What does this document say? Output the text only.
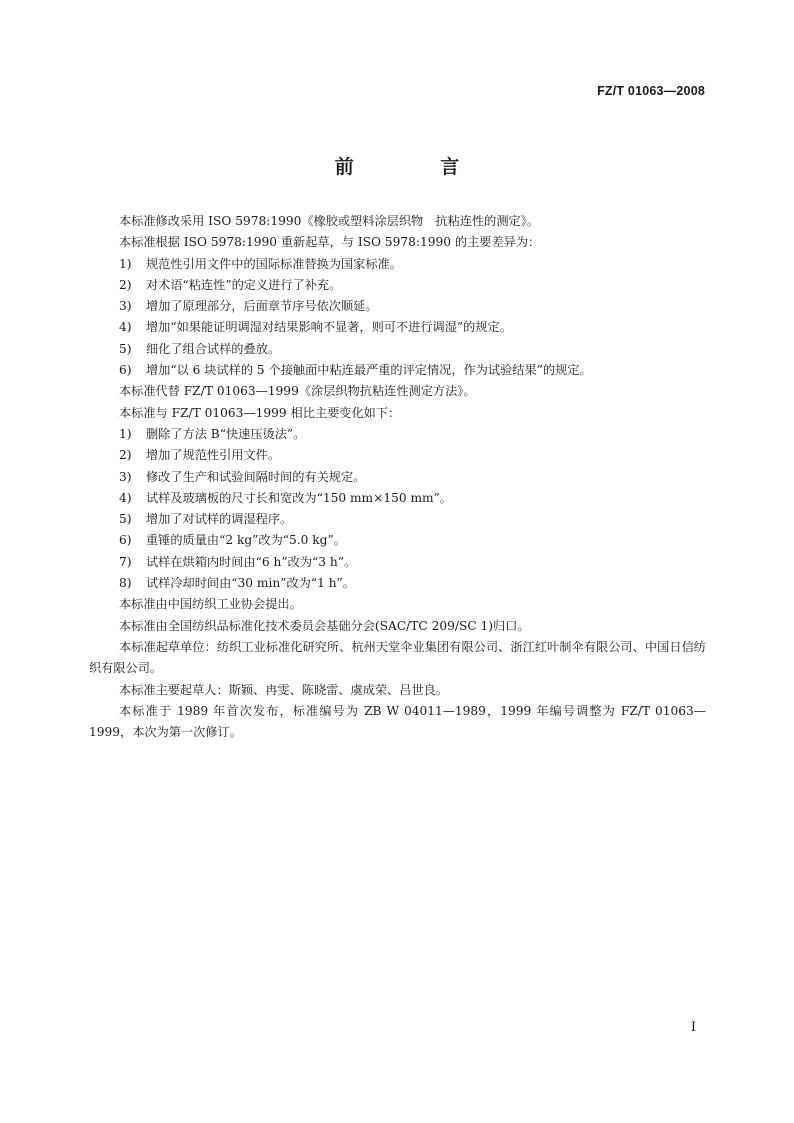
FZ/T 01063—2008
前 言
本标准修改采用 ISO 5978:1990《橡胶或塑料涂层织物　抗粘连性的测定》。
本标准根据 ISO 5978:1990 重新起草，与 ISO 5978:1990 的主要差异为：
1) 规范性引用文件中的国际标准替换为国家标准。
2) 对术语“粘连性”的定义进行了补充。
3) 增加了原理部分，后面章节序号依次顺延。
4) 增加“如果能证明调湿对结果影响不显著，则可不进行调湿”的规定。
5) 细化了组合试样的叠放。
6) 增加“以 6 块试样的 5 个接触面中粘连最严重的评定情况，作为试验结果”的规定。
本标准代替 FZ/T 01063—1999《涂层织物抗粘连性测定方法》。
本标准与 FZ/T 01063—1999 相比主要变化如下：
1) 删除了方法 B“快速压烫法”。
2) 增加了规范性引用文件。
3) 修改了生产和试验间隔时间的有关规定。
4) 试样及玻璃板的尺寸长和宽改为“150 mm×150 mm”。
5) 增加了对试样的调湿程序。
6) 重锤的质量由“2 kg”改为“5.0 kg”。
7) 试样在烘箱内时间由“6 h”改为“3 h”。
8) 试样冷却时间由“30 min”改为“1 h”。
本标准由中国纺织工业协会提出。
本标准由全国纺织品标准化技术委员会基础分会(SAC/TC 209/SC 1)归口。
本标准起草单位：纺织工业标准化研究所、杭州天堂伞业集团有限公司、浙江红叶制伞有限公司、中国日信纺织有限公司。
本标准主要起草人：斯颖、冉雯、陈晓雷、虞成荣、吕世良。
本标准于 1989 年首次发布，标准编号为 ZB W 04011—1989，1999 年编号调整为 FZ/T 01063—1999，本次为第一次修订。
I
